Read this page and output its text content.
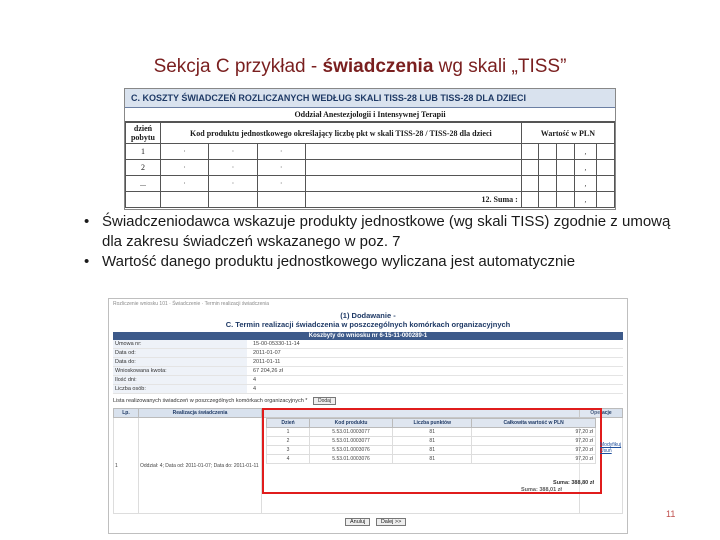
Sekcja C przykład - świadczenia wg skali „TISS”
C. KOSZTY ŚWIADCZEŃ ROZLICZANYCH WEDŁUG SKALI TISS-28 LUB TISS-28 DLA DZIECI
Oddział Anestezjologii i Intensywnej Terapii
dzień pobytu	Kod produktu jednostkowego określający liczbę pkt w skali TISS-28 / TISS-28 dla dzieci				Wartość w PLN				
1	·	·	·					,	
2	·	·	·					,	
...	·	·	·					,	
				12. Suma :				,	
• Świadczeniodawca wskazuje produkty jednostkowe (wg skali TISS) zgodnie z umową dla zakresu świadczeń wskazanego w poz. 7
• Wartość danego produktu jednostkowego wyliczana jest automatycznie
Rozliczenie wniosku 101 · Świadczenie · Termin realizacji świadczenia
(1) Dodawanie -
C. Termin realizacji świadczenia w poszczególnych komórkach organizacyjnych
Koszbyty do wniosku nr 6-15-11-000289-1
Umowa nr:	15-00-05330-11-14
Data od:	2011-01-07
Data do:	2011-01-11
Wnioskowana kwota:	67 204,26 zł
Ilość dni:	4
Liczba osób:	4
Lista realizowanych świadczeń w poszczególnych komórkach organizacyjnych * Dodaj
Lp.	Realizacja świadczenia		Operacje
1	Oddział: 4; Data od: 2011-01-07; Data do: 2011-01-11		
Suma: 388,01 zł
Anuluj	Dalej >>
Dzień	Kod produktu	Liczba punktów	Całkowita wartość w PLN
1	5.53.01.0003077	81	97,20 zł
2	5.53.01.0003077	81	97,20 zł
3	5.53.01.0003076	81	97,20 zł
4	5.53.01.0003076	81	97,20 zł
Suma: 388,80 zł
Modyfikuj
Usuń
11
